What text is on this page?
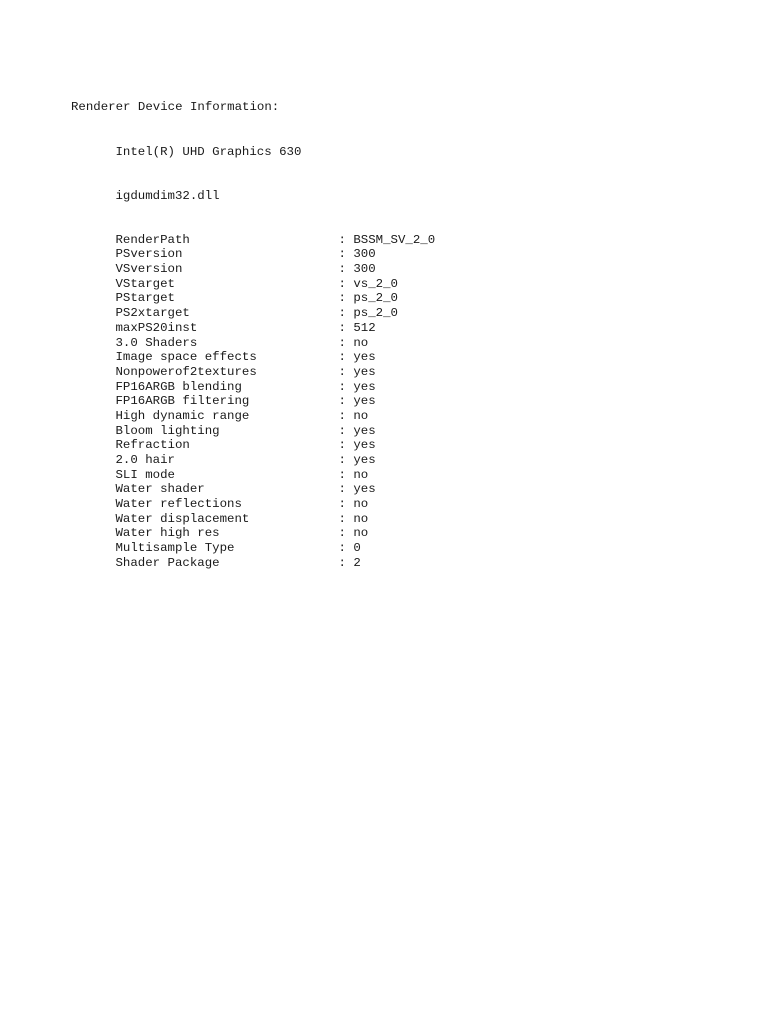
Renderer Device Information:

Intel(R) UHD Graphics 630

igdumdim32.dll

RenderPath	: BSSM_SV_2_0
PSversion	: 300
VSversion	: 300
VStarget	: vs_2_0
PStarget	: ps_2_0
PS2xtarget	: ps_2_0
maxPS20inst	: 512
3.0 Shaders	: no
Image space effects	: yes
Nonpowerof2textures	: yes
FP16ARGB blending	: yes
FP16ARGB filtering	: yes
High dynamic range	: no
Bloom lighting	: yes
Refraction	: yes
2.0 hair	: yes
SLI mode	: no
Water shader	: yes
Water reflections	: no
Water displacement	: no
Water high res	: no
Multisample Type	: 0
Shader Package	: 2
